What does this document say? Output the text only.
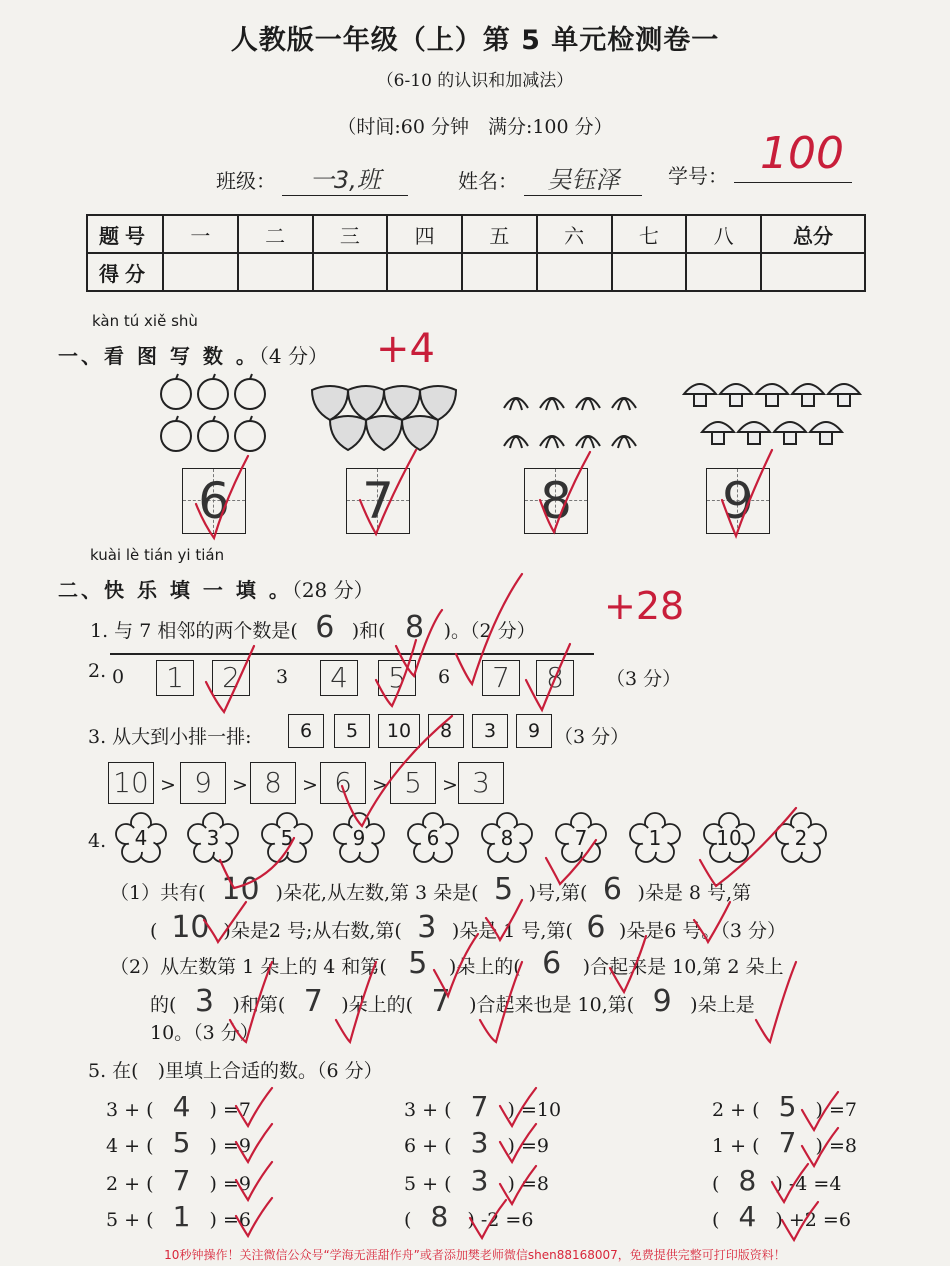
人教版一年级（上）第 5 单元检测卷一
（6-10 的认识和加减法）
（时间:60 分钟　满分:100 分）
班级： 一3,班	姓名： 吴钰泽	学号： 100
题号	一	二	三	四	五	六	七	八	总分
得分									
kàn tú xiě shù
一、看 图 写 数 。（4 分） +4
6	7	8	9
kuài lè tián yi tián
二、快 乐 填 一 填 。（28 分）
1. 与 7 相邻的两个数是( 6 )和( 8 )。（2 分）
+28
2. 0	1	2	3	4	5	6	7	8	（3 分）
3. 从大到小排一排:	6	5	10	8	3	9 （3 分）
10 > 9	> 8	> 6	> 5	> 3
4.	4	3	5	9	6	8	7	1	10	2
（1）共有( 10 )朵花,从左数,第 3 朵是( 5 )号,第( 6 )朵是 8 号,第
( 10 )朵是2 号;从右数,第( 3 )朵是 1 号,第( 6 )朵是6 号。（3 分）
（2）从左数第 1 朵上的 4 和第( 5 )朵上的( 6 )合起来是 10,第 2 朵上
的( 3 )和第( 7 )朵上的( 7 )合起来也是 10,第( 9 )朵上是
10。（3 分）
5. 在(　)里填上合适的数。（6 分）
3 + ( 4 ) =7	3 + ( 7 ) =10	2 + ( 5 ) =7
4 + ( 5 ) =9	6 + ( 3 ) =9	1 + ( 7 ) =8
2 + ( 7 ) =9	5 + ( 3 ) =8	( 8 ) -4 =4
5 + ( 1 ) =6	( 8 ) -2 =6	( 4 ) +2 =6
10秒钟操作！关注微信公众号“学海无涯甜作舟”或者添加樊老师微信shen88168007，免费提供完整可打印版资料！
